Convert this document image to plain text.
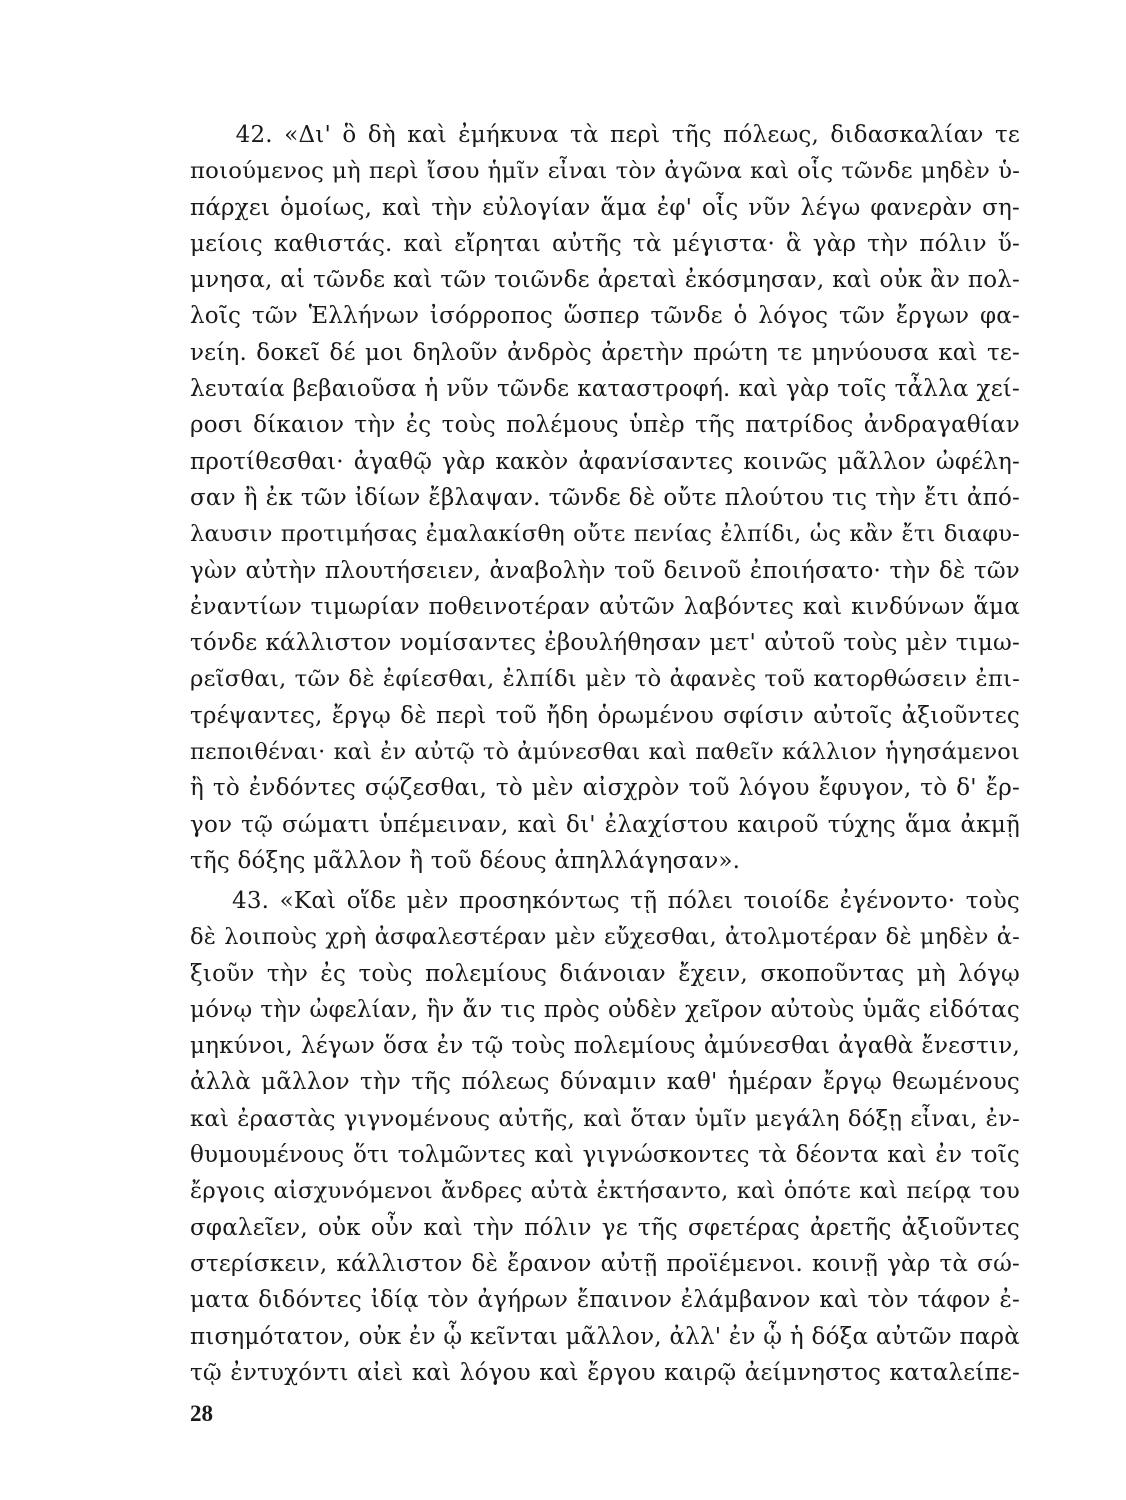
42. «Δι' ὃ δὴ καὶ ἐμήκυνα τὰ περὶ τῆς πόλεως, διδασκαλίαν τε
ποιούμενος μὴ περὶ ἴσου ἡμῖν εἶναι τὸν ἀγῶνα καὶ οἷς τῶνδε μηδὲν ὑ-
πάρχει ὁμοίως, καὶ τὴν εὐλογίαν ἅμα ἐφ' οἷς νῦν λέγω φανερὰν ση-
μείοις καθιστάς. καὶ εἴρηται αὐτῆς τὰ μέγιστα· ἃ γὰρ τὴν πόλιν ὕ-
μνησα, αἱ τῶνδε καὶ τῶν τοιῶνδε ἀρεταὶ ἐκόσμησαν, καὶ οὐκ ἂν πολ-
λοῖς τῶν Ἑλλήνων ἰσόρροπος ὥσπερ τῶνδε ὁ λόγος τῶν ἔργων φα-
νείη. δοκεῖ δέ μοι δηλοῦν ἀνδρὸς ἀρετὴν πρώτη τε μηνύουσα καὶ τε-
λευταία βεβαιοῦσα ἡ νῦν τῶνδε καταστροφή. καὶ γὰρ τοῖς τἆλλα χεί-
ροσι δίκαιον τὴν ἐς τοὺς πολέμους ὑπὲρ τῆς πατρίδος ἀνδραγαθίαν
προτίθεσθαι· ἀγαθῷ γὰρ κακὸν ἀφανίσαντες κοινῶς μᾶλλον ὠφέλη-
σαν ἢ ἐκ τῶν ἰδίων ἔβλαψαν. τῶνδε δὲ οὔτε πλούτου τις τὴν ἔτι ἀπό-
λαυσιν προτιμήσας ἐμαλακίσθη οὔτε πενίας ἐλπίδι, ὡς κἂν ἔτι διαφυ-
γὼν αὐτὴν πλουτήσειεν, ἀναβολὴν τοῦ δεινοῦ ἐποιήσατο· τὴν δὲ τῶν
ἐναντίων τιμωρίαν ποθεινοτέραν αὐτῶν λαβόντες καὶ κινδύνων ἅμα
τόνδε κάλλιστον νομίσαντες ἐβουλήθησαν μετ' αὐτοῦ τοὺς μὲν τιμω-
ρεῖσθαι, τῶν δὲ ἐφίεσθαι, ἐλπίδι μὲν τὸ ἀφανὲς τοῦ κατορθώσειν ἐπι-
τρέψαντες, ἔργῳ δὲ περὶ τοῦ ἤδη ὁρωμένου σφίσιν αὐτοῖς ἀξιοῦντες
πεποιθέναι· καὶ ἐν αὐτῷ τὸ ἀμύνεσθαι καὶ παθεῖν κάλλιον ἡγησάμενοι
ἢ τὸ ἐνδόντες σῴζεσθαι, τὸ μὲν αἰσχρὸν τοῦ λόγου ἔφυγον, τὸ δ' ἔρ-
γον τῷ σώματι ὑπέμειναν, καὶ δι' ἐλαχίστου καιροῦ τύχης ἅμα ἀκμῇ
τῆς δόξης μᾶλλον ἢ τοῦ δέους ἀπηλλάγησαν».
43. «Καὶ οἵδε μὲν προσηκόντως τῇ πόλει τοιοίδε ἐγένοντο· τοὺς
δὲ λοιποὺς χρὴ ἀσφαλεστέραν μὲν εὔχεσθαι, ἀτολμοτέραν δὲ μηδὲν ἀ-
ξιοῦν τὴν ἐς τοὺς πολεμίους διάνοιαν ἔχειν, σκοποῦντας μὴ λόγῳ
μόνῳ τὴν ὠφελίαν, ἣν ἄν τις πρὸς οὐδὲν χεῖρον αὐτοὺς ὑμᾶς εἰδότας
μηκύνοι, λέγων ὅσα ἐν τῷ τοὺς πολεμίους ἀμύνεσθαι ἀγαθὰ ἔνεστιν,
ἀλλὰ μᾶλλον τὴν τῆς πόλεως δύναμιν καθ' ἡμέραν ἔργῳ θεωμένους
καὶ ἐραστὰς γιγνομένους αὐτῆς, καὶ ὅταν ὑμῖν μεγάλη δόξῃ εἶναι, ἐν-
θυμουμένους ὅτι τολμῶντες καὶ γιγνώσκοντες τὰ δέοντα καὶ ἐν τοῖς
ἔργοις αἰσχυνόμενοι ἄνδρες αὐτὰ ἐκτήσαντο, καὶ ὁπότε καὶ πείρᾳ του
σφαλεῖεν, οὐκ οὖν καὶ τὴν πόλιν γε τῆς σφετέρας ἀρετῆς ἀξιοῦντες
στερίσκειν, κάλλιστον δὲ ἔρανον αὐτῇ προϊέμενοι. κοινῇ γὰρ τὰ σώ-
ματα διδόντες ἰδίᾳ τὸν ἀγήρων ἔπαινον ἐλάμβανον καὶ τὸν τάφον ἐ-
πισημότατον, οὐκ ἐν ᾧ κεῖνται μᾶλλον, ἀλλ' ἐν ᾧ ἡ δόξα αὐτῶν παρὰ
τῷ ἐντυχόντι αἰεὶ καὶ λόγου καὶ ἔργου καιρῷ ἀείμνηστος καταλείπε-
28
